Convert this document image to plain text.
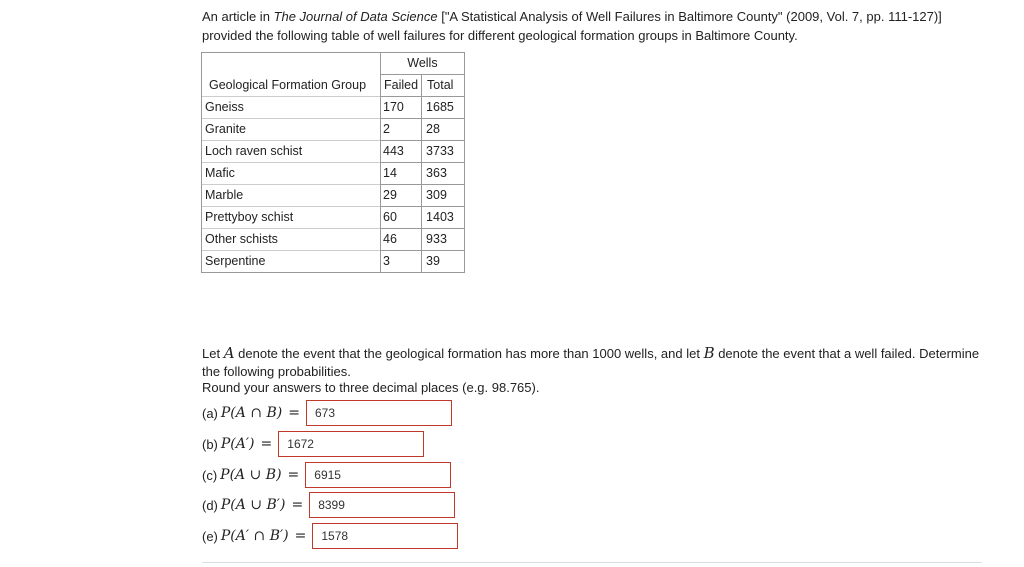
An article in The Journal of Data Science ["A Statistical Analysis of Well Failures in Baltimore County" (2009, Vol. 7, pp. 111-127)]
provided the following table of well failures for different geological formation groups in Baltimore County.
	Wells	
Geological Formation Group	Failed	Total
Gneiss	170	1685
Granite	2	28
Loch raven schist	443	3733
Mafic	14	363
Marble	29	309
Prettyboy schist	60	1403
Other schists	46	933
Serpentine	3	39
Let A denote the event that the geological formation has more than 1000 wells, and let B denote the event that a well failed. Determine the following probabilities.
Round your answers to three decimal places (e.g. 98.765).
(a) P(A ∩ B) =	673
(b) P(A′) =	1672
(c) P(A ∪ B) =	6915
(d) P(A ∪ B′) =	8399
(e) P(A′ ∩ B′) =	1578
